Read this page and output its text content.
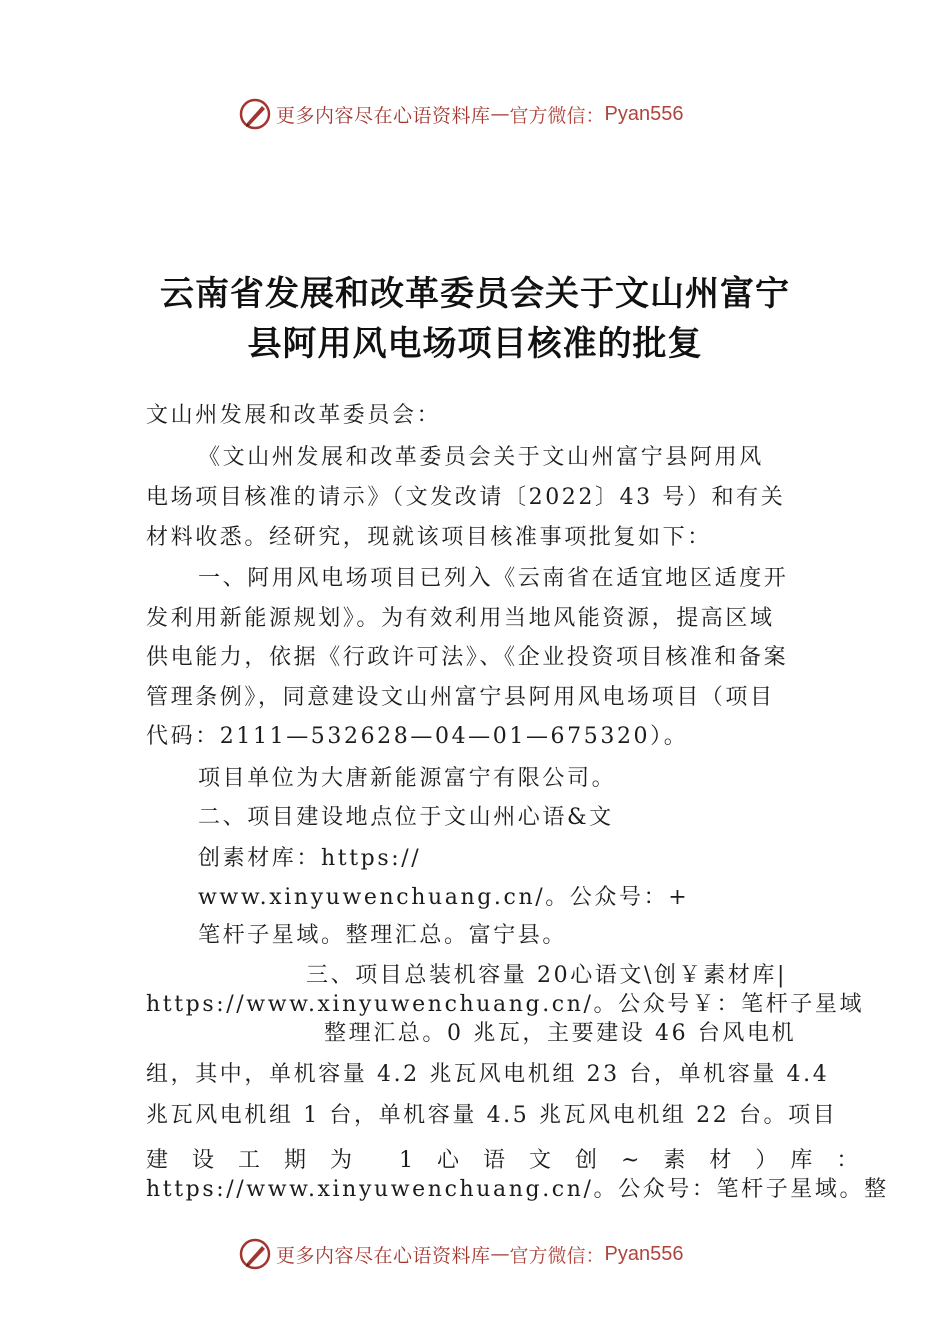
更多内容尽在心语资料库 — 官方微信： Pyan556
云南省发展和改革委员会关于文山州富宁
县阿用风电场项目核准的批复
文山州发展和改革委员会：
《文山州发展和改革委员会关于文山州富宁县阿用风
电场项目核准的请示》（文发改请〔2022〕43 号）和有关
材料收悉。经研究，现就该项目核准事项批复如下：
一、阿用风电场项目已列入《云南省在适宜地区适度开
发利用新能源规划》。为有效利用当地风能资源，提高区域
供电能力，依据《行政许可法》、《企业投资项目核准和备案
管理条例》，同意建设文山州富宁县阿用风电场项目（项目
代码：2111—532628—04—01—675320）。
项目单位为大唐新能源富宁有限公司。
二、项目建设地点位于文山州心语&文
创素材库：https://
www.xinyuwenchuang.cn/。公众号：+
笔杆子星域。整理汇总。富宁县。
三、项目总装机容量 20心语文\创￥素材库|
https://www.xinyuwenchuang.cn/。公众号￥：笔杆子星域
整理汇总。0 兆瓦，主要建设 46 台风电机
组，其中，单机容量 4.2 兆瓦风电机组 23 台，单机容量 4.4
兆瓦风电机组 1 台，单机容量 4.5 兆瓦风电机组 22 台。项目
建　设　工　期　为　　1　心　语　文　创　~　素　材　）　库　：
https://www.xinyuwenchuang.cn/。公众号：笔杆子星域。整
更多内容尽在心语资料库 — 官方微信： Pyan556
